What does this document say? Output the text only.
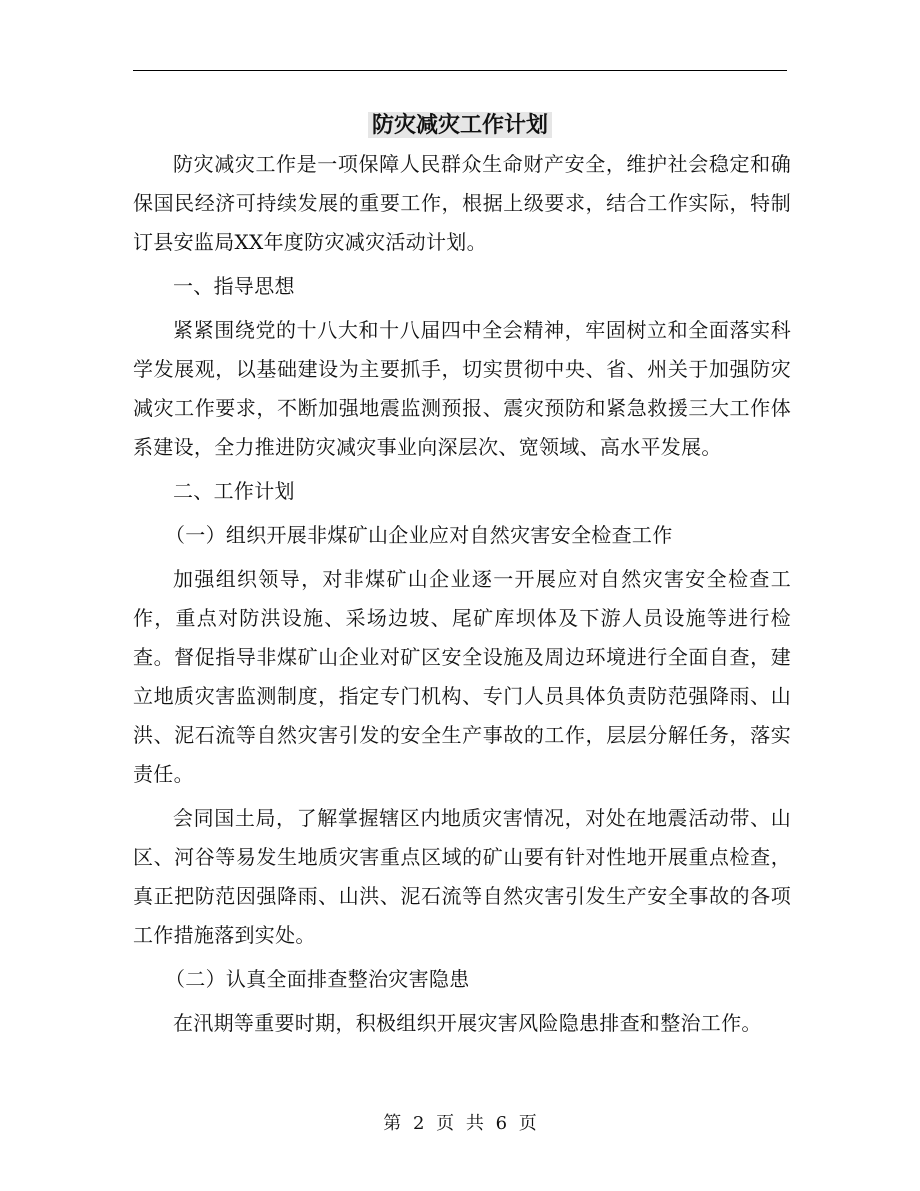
防灾减灾工作计划

防灾减灾工作是一项保障人民群众生命财产安全，维护社会稳定和确保国民经济可持续发展的重要工作，根据上级要求，结合工作实际，特制订县安监局XX年度防灾减灾活动计划。

一、指导思想

紧紧围绕党的十八大和十八届四中全会精神，牢固树立和全面落实科学发展观，以基础建设为主要抓手，切实贯彻中央、省、州关于加强防灾减灾工作要求，不断加强地震监测预报、震灾预防和紧急救援三大工作体系建设，全力推进防灾减灾事业向深层次、宽领域、高水平发展。

二、工作计划

（一）组织开展非煤矿山企业应对自然灾害安全检查工作

加强组织领导，对非煤矿山企业逐一开展应对自然灾害安全检查工作，重点对防洪设施、采场边坡、尾矿库坝体及下游人员设施等进行检查。督促指导非煤矿山企业对矿区安全设施及周边环境进行全面自查，建立地质灾害监测制度，指定专门机构、专门人员具体负责防范强降雨、山洪、泥石流等自然灾害引发的安全生产事故的工作，层层分解任务，落实责任。

会同国土局，了解掌握辖区内地质灾害情况，对处在地震活动带、山区、河谷等易发生地质灾害重点区域的矿山要有针对性地开展重点检查，真正把防范因强降雨、山洪、泥石流等自然灾害引发生产安全事故的各项工作措施落到实处。

（二）认真全面排查整治灾害隐患

在汛期等重要时期，积极组织开展灾害风险隐患排查和整治工作。

第 2 页 共 6 页
